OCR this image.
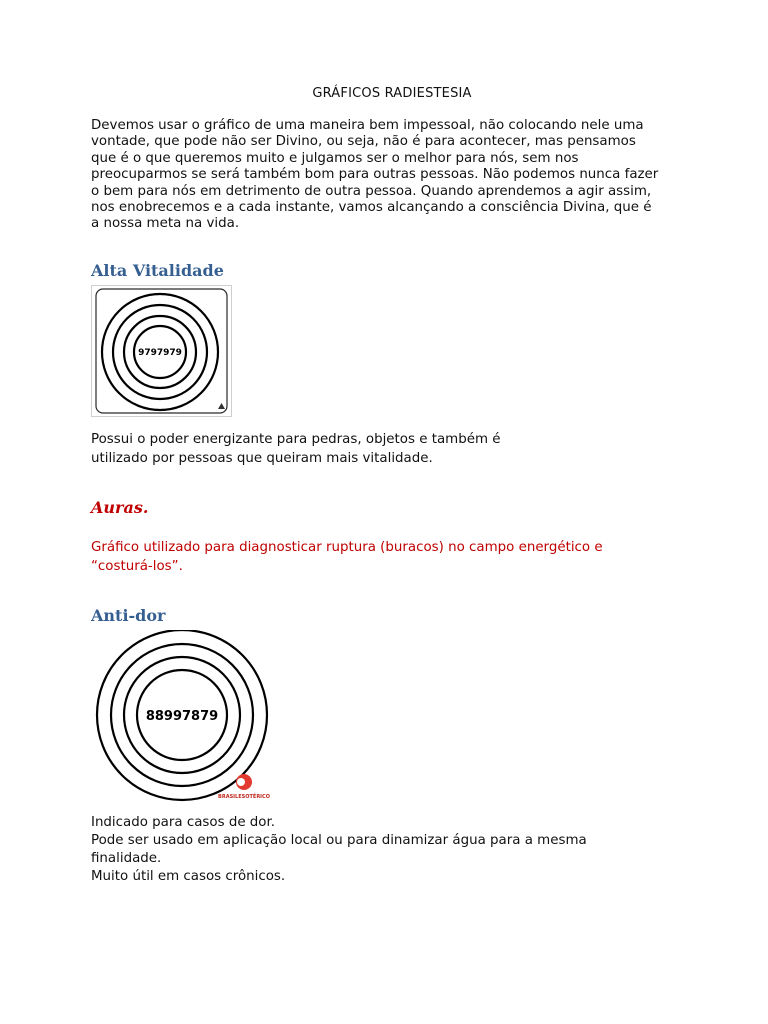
GRÁFICOS RADIESTESIA
Devemos usar o gráfico de uma maneira bem impessoal, não colocando nele uma
vontade, que pode não ser Divino, ou seja, não é para acontecer, mas pensamos
que é o que queremos muito e julgamos ser o melhor para nós, sem nos
preocuparmos se será também bom para outras pessoas. Não podemos nunca fazer
o bem para nós em detrimento de outra pessoa. Quando aprendemos a agir assim,
nos enobrecemos e a cada instante, vamos alcançando a consciência Divina, que é
a nossa meta na vida.
Alta Vitalidade
9797979
Possui o poder energizante para pedras, objetos e também é
utilizado por pessoas que queiram mais vitalidade.
Auras.
Gráfico utilizado para diagnosticar ruptura (buracos) no campo energético e
“costurá-los”.
Anti-dor
88997879
BRASILESOTÉRICO
Indicado para casos de dor.
Pode ser usado em aplicação local ou para dinamizar água para a mesma
finalidade.
Muito útil em casos crônicos.
